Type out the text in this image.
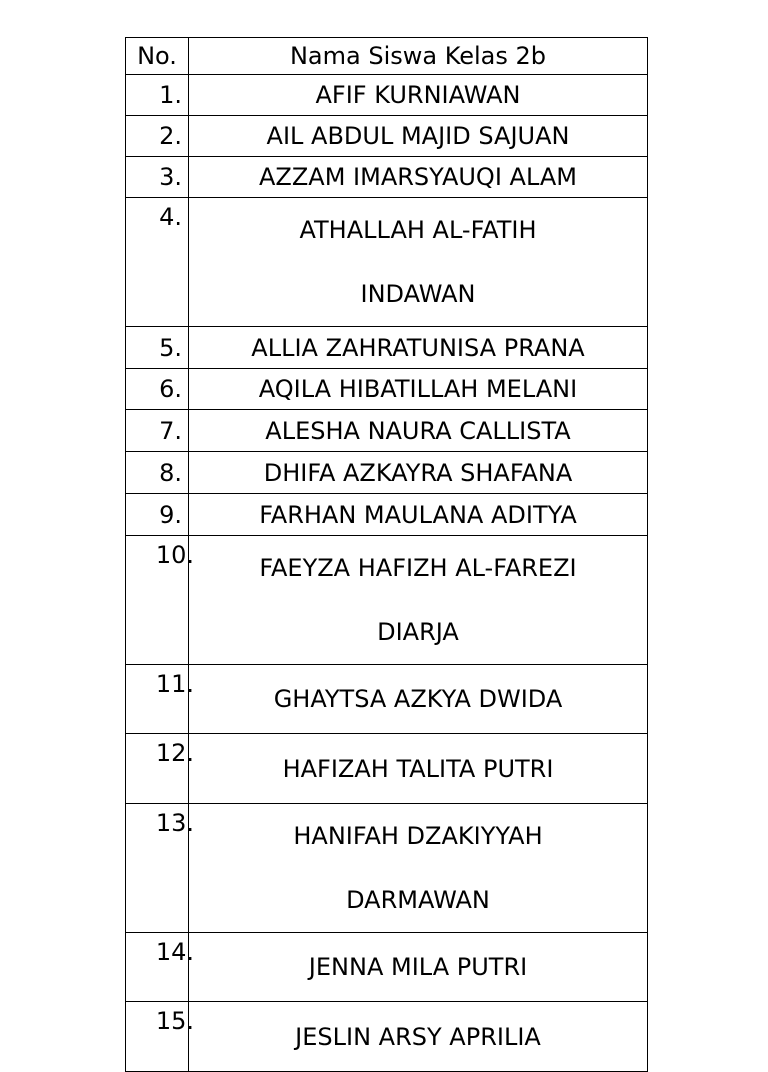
No.	Nama Siswa Kelas 2b
1.	AFIF KURNIAWAN
2.	AIL ABDUL MAJID SAJUAN
3.	AZZAM IMARSYAUQI ALAM
4.	ATHALLAH AL-FATIH
INDAWAN
5.	ALLIA ZAHRATUNISA PRANA
6.	AQILA HIBATILLAH MELANI
7.	ALESHA NAURA CALLISTA
8.	DHIFA AZKAYRA SHAFANA
9.	FARHAN MAULANA ADITYA
10.	FAEYZA HAFIZH AL-FAREZI
DIARJA
11.	GHAYTSA AZKYA DWIDA
12.	HAFIZAH TALITA PUTRI
13.	HANIFAH DZAKIYYAH
DARMAWAN
14.	JENNA MILA PUTRI
15.	JESLIN ARSY APRILIA
